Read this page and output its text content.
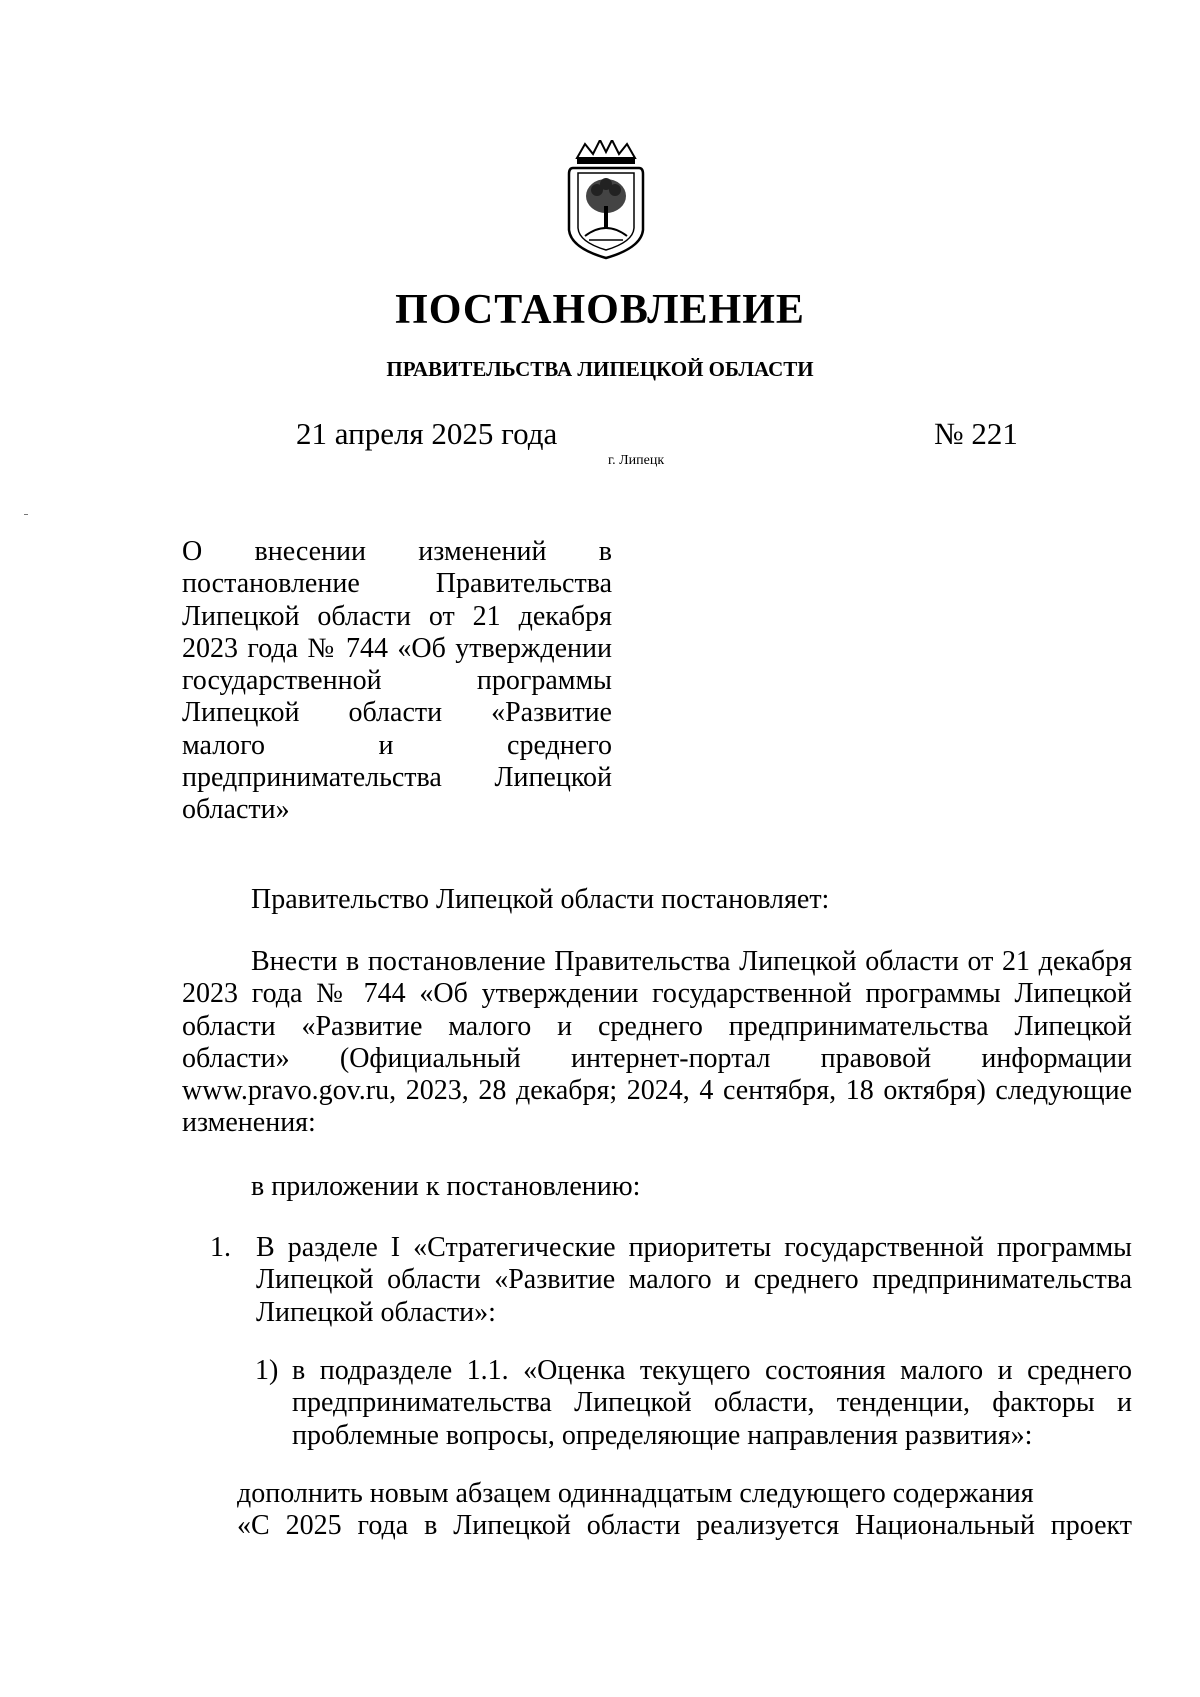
ПОСТАНОВЛЕНИЕ
ПРАВИТЕЛЬСТВА ЛИПЕЦКОЙ ОБЛАСТИ
21 апреля 2025 года	№ 221
г. Липецк
О внесении изменений в постановление Правительства Липецкой области от 21 декабря 2023 года № 744 «Об утверждении государственной программы Липецкой области «Развитие малого и среднего предпринимательства Липецкой области»
Правительство Липецкой области постановляет:
Внести в постановление Правительства Липецкой области от 21 декабря 2023 года № 744 «Об утверждении государственной программы Липецкой области «Развитие малого и среднего предпринимательства Липецкой области» (Официальный интернет-портал правовой информации www.pravo.gov.ru, 2023, 28 декабря; 2024, 4 сентября, 18 октября) следующие изменения:
в приложении к постановлению:
1. В разделе I «Стратегические приоритеты государственной программы Липецкой области «Развитие малого и среднего предпринимательства Липецкой области»:
1) в подразделе 1.1. «Оценка текущего состояния малого и среднего предпринимательства Липецкой области, тенденции, факторы и проблемные вопросы, определяющие направления развития»:
дополнить новым абзацем одиннадцатым следующего содержания
«С 2025 года в Липецкой области реализуется Национальный проект
